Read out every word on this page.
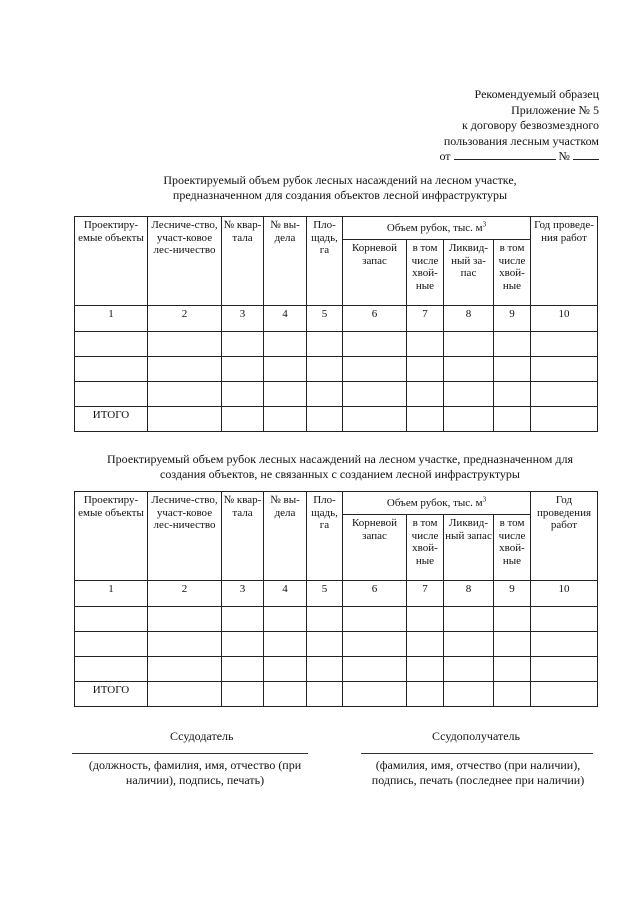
Рекомендуемый образец
Приложение № 5
к договору безвозмездного
пользования лесным участком
от	№
Проектируемый объем рубок лесных насаждений на лесном участке,
предназначенном для создания объектов лесной инфраструктуры
Проектиру-емые объекты	Лесниче-ство, участ-ковое лес-ничество	№ квар-тала	№ вы-дела	Пло-щадь, га	Объем рубок, тыс. $м^3$				Год проведе-ния работ
					Корневой запас	в том числе хвой-ные	Ликвид-ный за-пас	в том числе хвой-ные	
1	2	3	4	5	6	7	8	9	10

ИТОГО									
Проектируемый объем рубок лесных насаждений на лесном участке, предназначенном для
создания объектов, не связанных с созданием лесной инфраструктуры
Проектиру-емые объекты	Лесниче-ство, участ-ковое лес-ничество	№ квар-тала	№ вы-дела	Пло-щадь, га	Объем рубок, тыс. $м^3$				Год проведения работ
					Корневой запас	в том числе хвой-ные	Ликвид-ный запас	в том числе хвой-ные	
1	2	3	4	5	6	7	8	9	10

ИТОГО									
Ссудодатель	Ссудополучатель
(должность, фамилия, имя, отчество (при наличии), подпись, печать)
(фамилия, имя, отчество (при наличии), подпись, печать (последнее при наличии)
